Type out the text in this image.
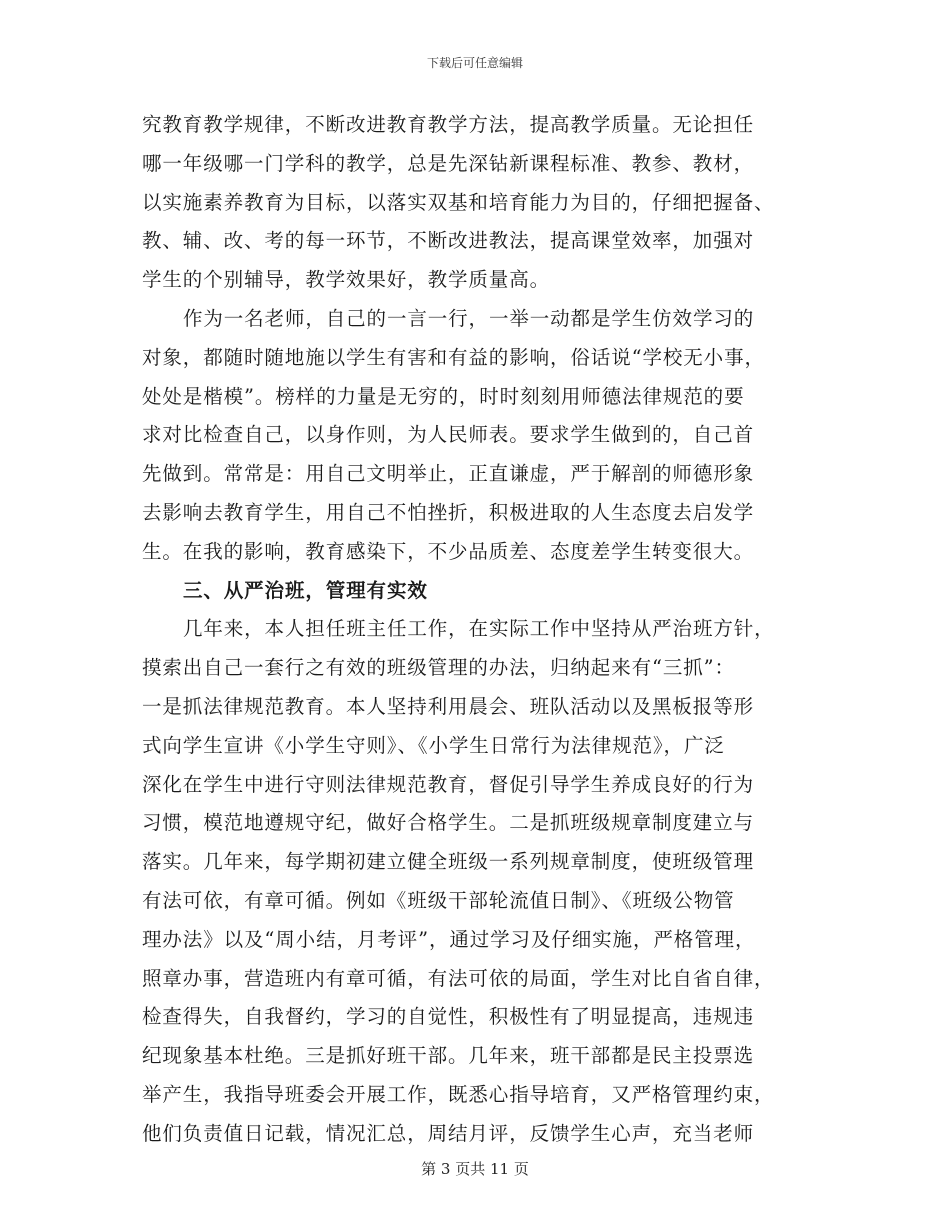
下载后可任意编辑
究教育教学规律，不断改进教育教学方法，提高教学质量。无论担任
哪一年级哪一门学科的教学，总是先深钻新课程标准、教参、教材，
以实施素养教育为目标，以落实双基和培育能力为目的，仔细把握备、
教、辅、改、考的每一环节，不断改进教法，提高课堂效率，加强对
学生的个别辅导，教学效果好，教学质量高。
作为一名老师，自己的一言一行，一举一动都是学生仿效学习的
对象，都随时随地施以学生有害和有益的影响，俗话说“学校无小事，
处处是楷模”。榜样的力量是无穷的，时时刻刻用师德法律规范的要
求对比检查自己，以身作则，为人民师表。要求学生做到的，自己首
先做到。常常是：用自己文明举止，正直谦虚，严于解剖的师德形象
去影响去教育学生，用自己不怕挫折，积极进取的人生态度去启发学
生。在我的影响，教育感染下，不少品质差、态度差学生转变很大。
三、从严治班，管理有实效
几年来，本人担任班主任工作，在实际工作中坚持从严治班方针，
摸索出自己一套行之有效的班级管理的办法，归纳起来有“三抓”：
一是抓法律规范教育。本人坚持利用晨会、班队活动以及黑板报等形
式向学生宣讲《小学生守则》、《小学生日常行为法律规范》，广泛
深化在学生中进行守则法律规范教育，督促引导学生养成良好的行为
习惯，模范地遵规守纪，做好合格学生。二是抓班级规章制度建立与
落实。几年来，每学期初建立健全班级一系列规章制度，使班级管理
有法可依，有章可循。例如《班级干部轮流值日制》、《班级公物管
理办法》以及“周小结，月考评”，通过学习及仔细实施，严格管理，
照章办事，营造班内有章可循，有法可依的局面，学生对比自省自律，
检查得失，自我督约，学习的自觉性，积极性有了明显提高，违规违
纪现象基本杜绝。三是抓好班干部。几年来，班干部都是民主投票选
举产生，我指导班委会开展工作，既悉心指导培育，又严格管理约束，
他们负责值日记载，情况汇总，周结月评，反馈学生心声，充当老师
第 3 页共 11 页
